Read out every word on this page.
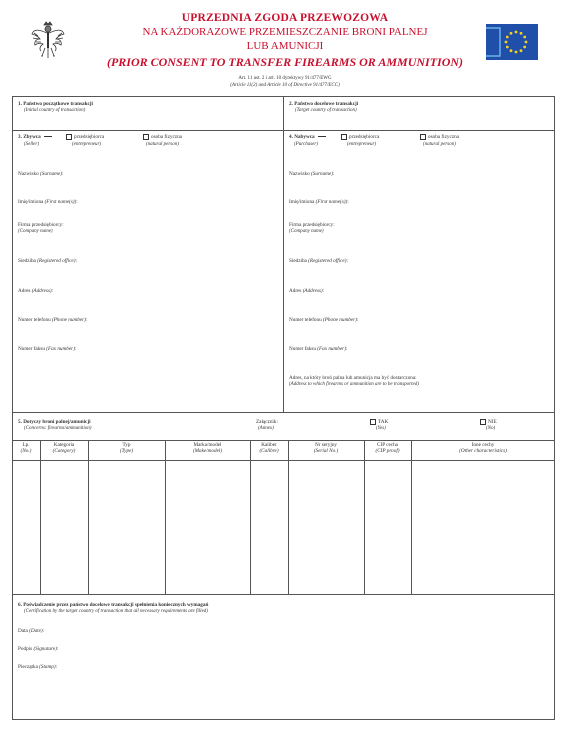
UPRZEDNIA ZGODA PRZEWOZOWA
NA KAŻDORAZOWE PRZEMIESZCZANIE BRONI PALNEJ
LUB AMUNICJI
(PRIOR CONSENT TO TRANSFER FIREARMS OR AMMUNITION)
Art. 11 ust. 2 i art. 10 dyrektywy 91/477/EWG
(Article 11(2) and Article 10 of Directive 91/477/ECC)
1. Państwo początkowe transakcji
(Initial country of transaction)
2. Państwo docelowe transakcji
(Target country of transaction)
3. Zbywca
(Seller)
przedsiębiorca
(entrepreneur)
osoba fizyczna
(natural person)
4. Nabywca
(Purchaser)
przedsiębiorca
(entrepreneur)
osoba fizyczna
(natural person)
Nazwisko (Surname):
Imię/imiona (First name(s)):
Firma przedsiębiorcy:
(Company name)
Siedziba (Registered office):
Adres (Address):
Numer telefonu (Phone number):
Numer faksu (Fax number):
Nazwisko (Surname):
Imię/imiona (First name(s)):
Firma przedsiębiorcy:
(Company name)
Siedziba (Registered office):
Adres (Address):
Numer telefonu (Phone number):
Numer faksu (Fax number):
Adres, na który broń palna lub amunicja ma być dostarczona:
(Address to which firearms or ammunition are to be transported)
5. Dotyczy broni palnej/amunicji
(Concerns: firearms/ammunition)
Załącznik:
(Annex)
TAK
(Yes)
NIE
(No)
Lp.
(No.)
Kategoria
(Category)
Typ
(Type)
Marka/model
(Make/model)
Kaliber
(Calibre)
Nr seryjny
(Serial No.)
CIP cecha
(CIP proof)
Inne cechy
(Other characteristics)
6. Poświadczenie przez państwo docelowe transakcji spełnienia koniecznych wymagań
(Certification by the target country of transaction that all necessary requirements are filled)
Data (Date):
Podpis (Signature):
Pieczątka (Stamp):
